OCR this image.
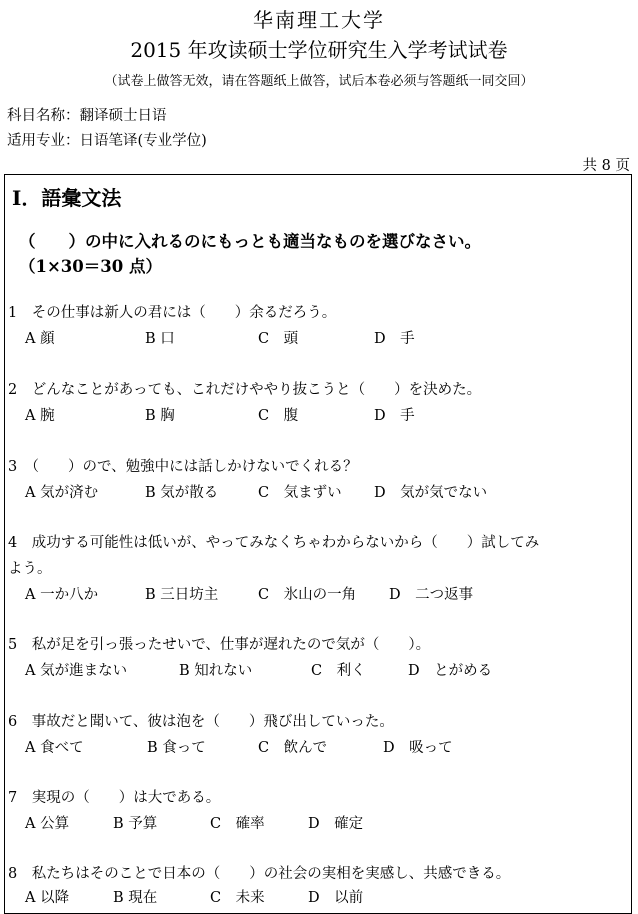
华南理工大学
2015 年攻读硕士学位研究生入学考试试卷
（试卷上做答无效，请在答题纸上做答，试后本卷必须与答题纸一同交回）
科目名称：翻译硕士日语
适用专业：日语笔译(专业学位)
共 8 页
Ⅰ．語彙文法
（　　）の中に入れるのにもっとも適当なものを選びなさい。
（1×30＝30 点）
1　その仕事は新人の君には（　　）余るだろう。
A 顔	B 口	C　頭	D　手
2　どんなことがあっても、これだけややり抜こうと（　　）を決めた。
A 腕	B 胸	C　腹	D　手
3　（　　）ので、勉強中には話しかけないでくれる？
A 気が済む	B 気が散る	C　気まずい D　気が気でない
4　成功する可能性は低いが、やってみなくちゃわからないから（　　）試してみ
よう。
A 一か八か	B 三日坊主	C　氷山の一角 D　二つ返事
5　私が足を引っ張ったせいで、仕事が遅れたので気が（　　）。
A 気が進まない	B 知れない	C　利く	D　とがめる
6　事故だと聞いて、彼は泡を（　　）飛び出していった。
A 食べて	B 食って	C　飲んで	D　吸って
7　実現の（　　）は大である。
A 公算	B 予算	C　確率	D　確定
8　私たちはそのことで日本の（　　）の社会の実相を実感し、共感できる。
A 以降	B 現在	C　未来	D　以前
